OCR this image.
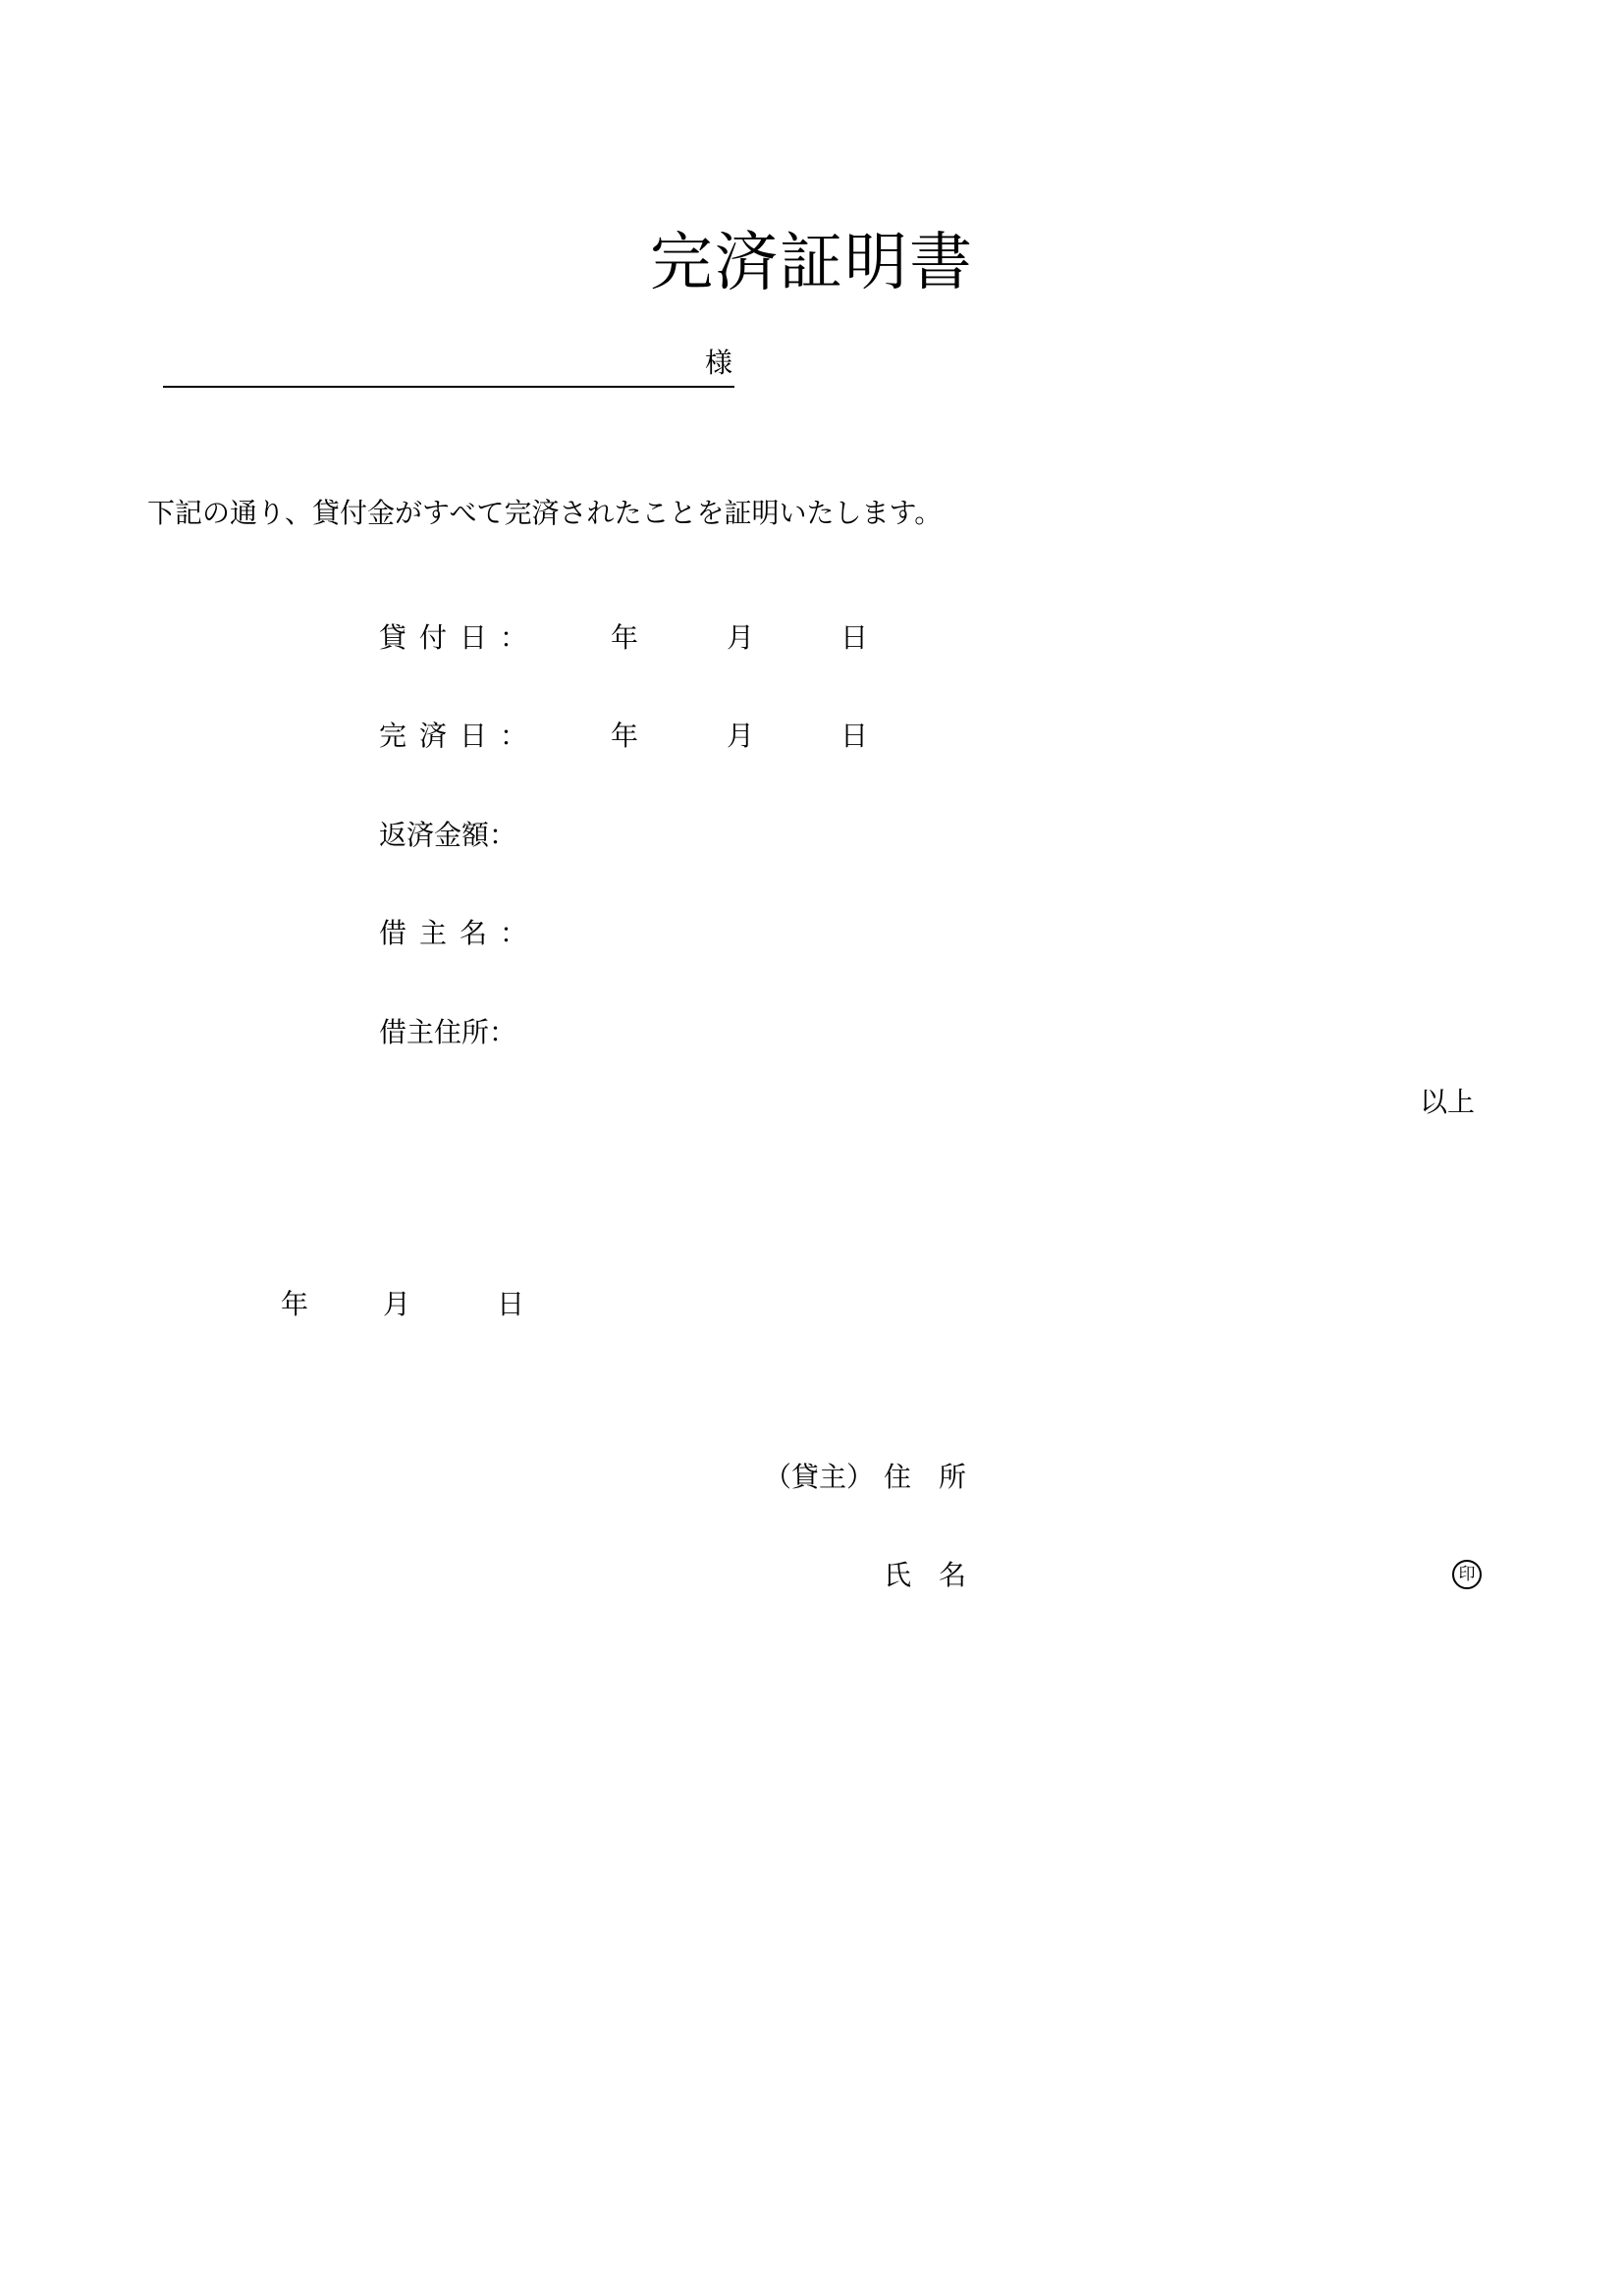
完済証明書
様
下記の通り、貸付金がすべて完済されたことを証明いたします。
貸付日：	年	月	日
完済日：	年	月	日
返済金額：
借主名：
借主住所：
以上
年	月	日
（貸主） 住　所
氏　名	印
